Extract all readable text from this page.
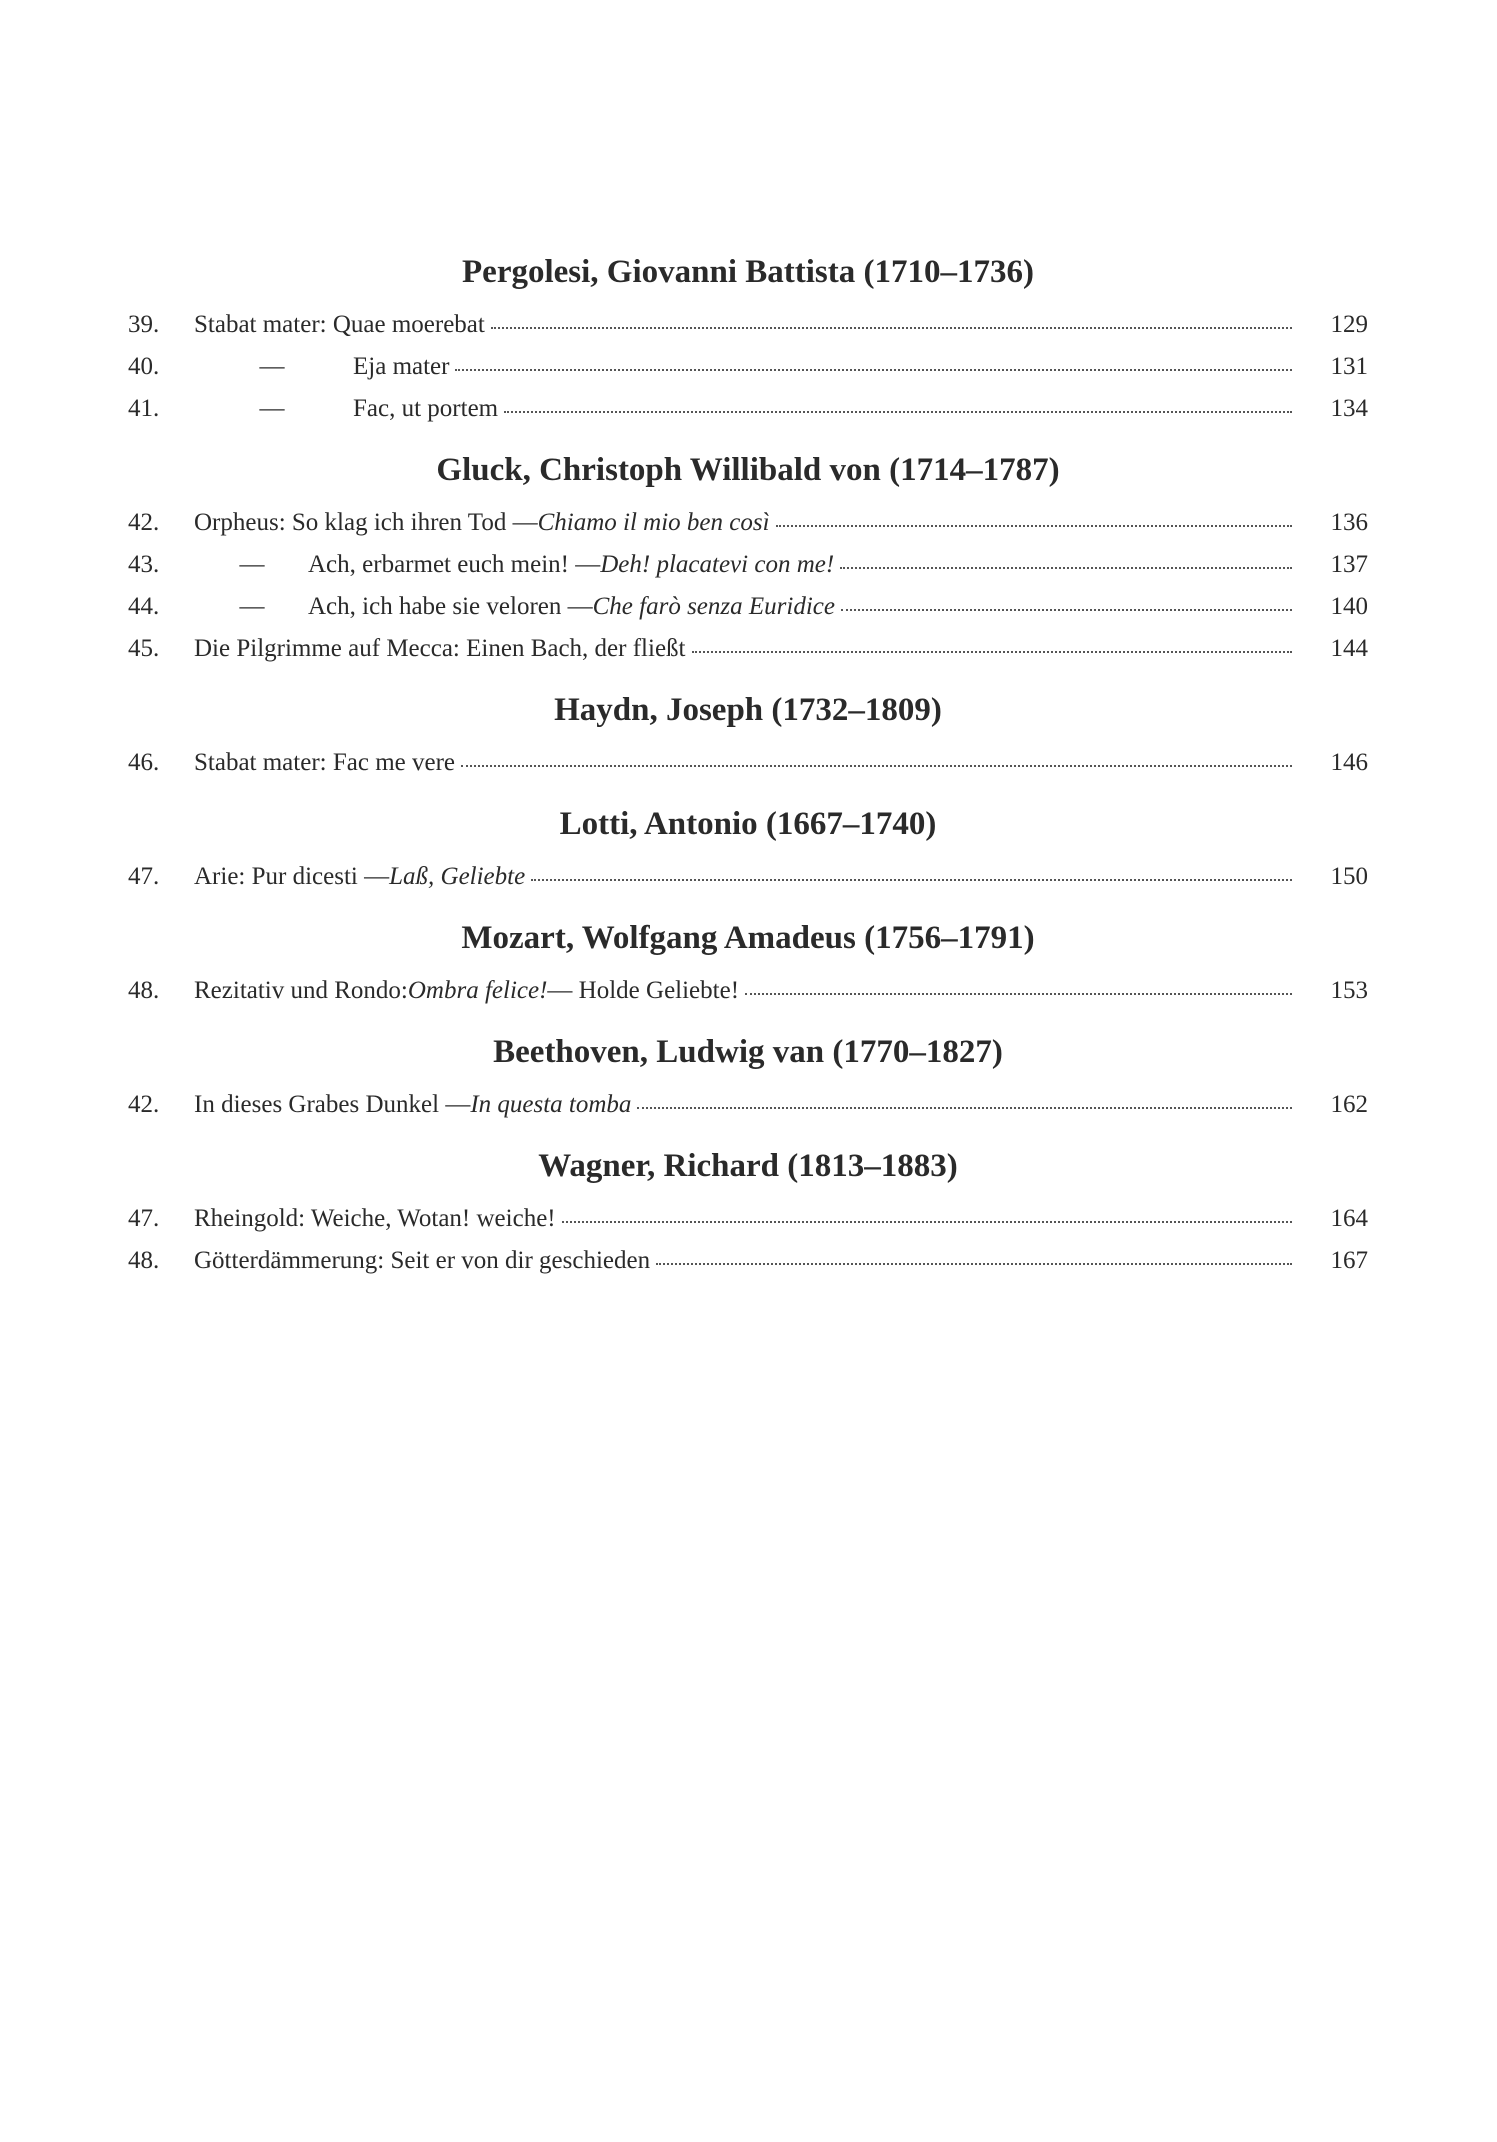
Pergolesi, Giovanni Battista (1710–1736)
39.	Stabat mater: Quae moerebat	129
40.	—	Eja mater	131
41.	—	Fac, ut portem	134
Gluck, Christoph Willibald von (1714–1787)
42.	Orpheus: So klag ich ihren Tod — Chiamo il mio ben così	136
43.	—	Ach, erbarmet euch mein! — Deh! placatevi con me!	137
44.	—	Ach, ich habe sie veloren — Che farò senza Euridice	140
45.	Die Pilgrimme auf Mecca: Einen Bach, der fließt	144
Haydn, Joseph (1732–1809)
46.	Stabat mater: Fac me vere	146
Lotti, Antonio (1667–1740)
47.	Arie: Pur dicesti — Laß, Geliebte	150
Mozart, Wolfgang Amadeus (1756–1791)
48.	Rezitativ und Rondo: Ombra felice! — Holde Geliebte!	153
Beethoven, Ludwig van (1770–1827)
42.	In dieses Grabes Dunkel — In questa tomba	162
Wagner, Richard (1813–1883)
47.	Rheingold: Weiche, Wotan! weiche!	164
48.	Götterdämmerung: Seit er von dir geschieden	167
